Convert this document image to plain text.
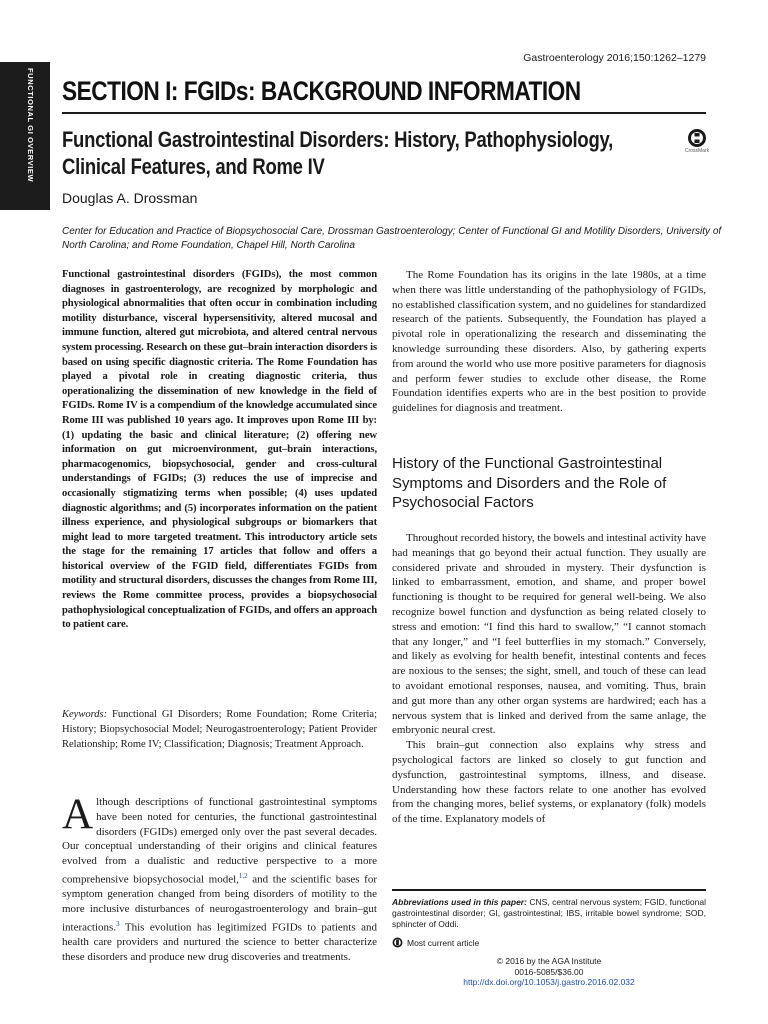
FUNCTIONAL GI OVERVIEW
Gastroenterology 2016;150:1262–1279
SECTION I: FGIDs: BACKGROUND INFORMATION
Functional Gastrointestinal Disorders: History, Pathophysiology, Clinical Features, and Rome IV
CrossMark
Douglas A. Drossman
Center for Education and Practice of Biopsychosocial Care, Drossman Gastroenterology; Center of Functional GI and Motility Disorders, University of North Carolina; and Rome Foundation, Chapel Hill, North Carolina

Functional gastrointestinal disorders (FGIDs), the most common diagnoses in gastroenterology, are recognized by morphologic and physiological abnormalities that often occur in combination including motility disturbance, visceral hypersensitivity, altered mucosal and immune function, altered gut microbiota, and altered central nervous system processing. Research on these gut–brain interaction disorders is based on using specific diagnostic criteria. The Rome Foundation has played a pivotal role in creating diagnostic criteria, thus operationalizing the dissemination of new knowledge in the field of FGIDs. Rome IV is a compendium of the knowledge accumulated since Rome III was published 10 years ago. It improves upon Rome III by: (1) updating the basic and clinical literature; (2) offering new information on gut microenvironment, gut–brain interactions, pharmacogenomics, biopsychosocial, gender and cross-cultural understandings of FGIDs; (3) reduces the use of imprecise and occasionally stigmatizing terms when possible; (4) uses updated diagnostic algorithms; and (5) incorporates information on the patient illness experience, and physiological subgroups or biomarkers that might lead to more targeted treatment. This introductory article sets the stage for the remaining 17 articles that follow and offers a historical overview of the FGID field, differentiates FGIDs from motility and structural disorders, discusses the changes from Rome III, reviews the Rome committee process, provides a biopsychosocial pathophysiological conceptualization of FGIDs, and offers an approach to patient care.

Keywords: Functional GI Disorders; Rome Foundation; Rome Criteria; History; Biopsychosocial Model; Neurogastroenterology; Patient Provider Relationship; Rome IV; Classification; Diagnosis; Treatment Approach.

Although descriptions of functional gastrointestinal symptoms have been noted for centuries, the functional gastrointestinal disorders (FGIDs) emerged only over the past several decades. Our conceptual understanding of their origins and clinical features evolved from a dualistic and reductive perspective to a more comprehensive biopsychosocial model,$^{1,2}$ and the scientific bases for symptom generation changed from being disorders of motility to the more inclusive disturbances of neurogastroenterology and brain–gut interactions.$^3$ This evolution has legitimized FGIDs to patients and health care providers and nurtured the science to better characterize these disorders and produce new drug discoveries and treatments.

The Rome Foundation has its origins in the late 1980s, at a time when there was little understanding of the pathophysiology of FGIDs, no established classification system, and no guidelines for standardized research of the patients. Subsequently, the Foundation has played a pivotal role in operationalizing the research and disseminating the knowledge surrounding these disorders. Also, by gathering experts from around the world who use more positive parameters for diagnosis and perform fewer studies to exclude other disease, the Rome Foundation identifies experts who are in the best position to provide guidelines for diagnosis and treatment.

History of the Functional Gastrointestinal Symptoms and Disorders and the Role of Psychosocial Factors

Throughout recorded history, the bowels and intestinal activity have had meanings that go beyond their actual function. They usually are considered private and shrouded in mystery. Their dysfunction is linked to embarrassment, emotion, and shame, and proper bowel functioning is thought to be required for general well-being. We also recognize bowel function and dysfunction as being related closely to stress and emotion: “I find this hard to swallow,” “I cannot stomach that any longer,” and “I feel butterflies in my stomach.” Conversely, and likely as evolving for health benefit, intestinal contents and feces are noxious to the senses; the sight, smell, and touch of these can lead to avoidant emotional responses, nausea, and vomiting. Thus, brain and gut more than any other organ systems are hardwired; each has a nervous system that is linked and derived from the same anlage, the embryonic neural crest.

This brain–gut connection also explains why stress and psychological factors are linked so closely to gut function and dysfunction, gastrointestinal symptoms, illness, and disease. Understanding how these factors relate to one another has evolved from the changing mores, belief systems, or explanatory (folk) models of the time. Explanatory models of

Abbreviations used in this paper: CNS, central nervous system; FGID, functional gastrointestinal disorder; GI, gastrointestinal; IBS, irritable bowel syndrome; SOD, sphincter of Oddi.
Most current article
© 2016 by the AGA Institute
0016-5085/$36.00
http://dx.doi.org/10.1053/j.gastro.2016.02.032
